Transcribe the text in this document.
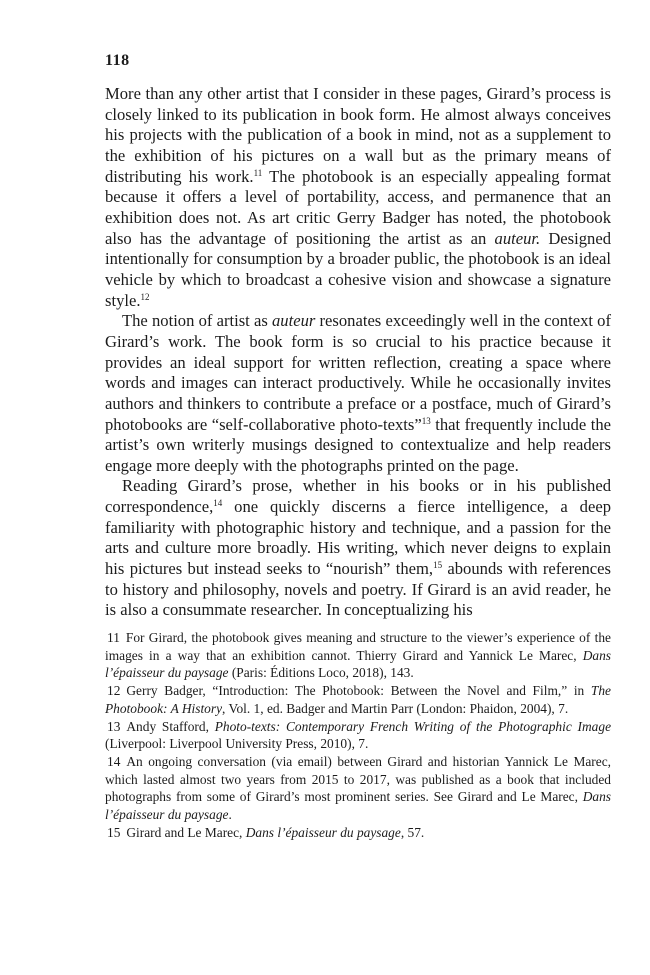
118

More than any other artist that I consider in these pages, Girard’s process is closely linked to its publication in book form. He almost always conceives his projects with the publication of a book in mind, not as a supplement to the exhibition of his pictures on a wall but as the primary means of distributing his work.$^{11}$ The photobook is an especially appealing format because it offers a level of portability, access, and permanence that an exhibition does not. As art critic Gerry Badger has noted, the photobook also has the advantage of positioning the artist as an auteur. Designed intentionally for consumption by a broader public, the photobook is an ideal vehicle by which to broadcast a cohesive vision and showcase a signature style.$^{12}$

The notion of artist as auteur resonates exceedingly well in the context of Girard’s work. The book form is so crucial to his practice because it provides an ideal support for written reflection, creating a space where words and images can interact productively. While he occasionally invites authors and thinkers to contribute a preface or a postface, much of Girard’s photobooks are “self-collaborative photo-texts”$^{13}$ that frequently include the artist’s own writerly musings designed to contextualize and help readers engage more deeply with the photographs printed on the page.

Reading Girard’s prose, whether in his books or in his published correspondence,$^{14}$ one quickly discerns a fierce intelligence, a deep familiarity with photographic history and technique, and a passion for the arts and culture more broadly. His writing, which never deigns to explain his pictures but instead seeks to “nourish” them,$^{15}$ abounds with references to history and philosophy, novels and poetry. If Girard is an avid reader, he is also a consummate researcher. In conceptualizing his

11 For Girard, the photobook gives meaning and structure to the viewer’s experience of the images in a way that an exhibition cannot. Thierry Girard and Yannick Le Marec, Dans l’épaisseur du paysage (Paris: Éditions Loco, 2018), 143.

12 Gerry Badger, “Introduction: The Photobook: Between the Novel and Film,” in The Photobook: A History, Vol. 1, ed. Badger and Martin Parr (London: Phaidon, 2004), 7.

13 Andy Stafford, Photo-texts: Contemporary French Writing of the Photographic Image (Liverpool: Liverpool University Press, 2010), 7.

14 An ongoing conversation (via email) between Girard and historian Yannick Le Marec, which lasted almost two years from 2015 to 2017, was published as a book that included photographs from some of Girard’s most prominent series. See Girard and Le Marec, Dans l’épaisseur du paysage.

15 Girard and Le Marec, Dans l’épaisseur du paysage, 57.
